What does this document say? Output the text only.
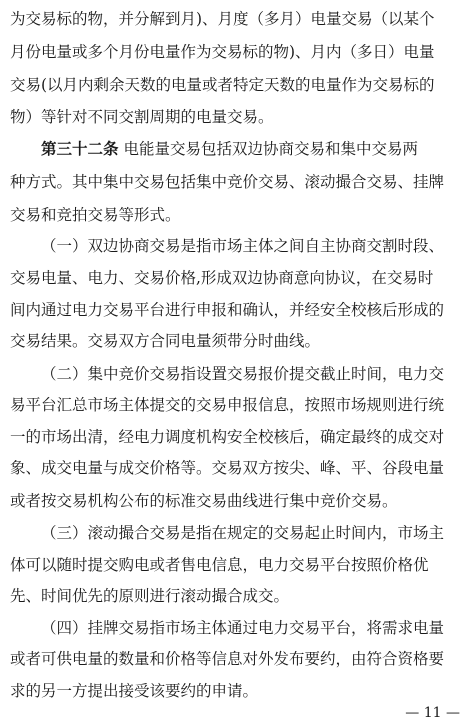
为交易标的物，并分解到月)、月度（多月）电量交易（以某个
月份电量或多个月份电量作为交易标的物)、月内（多日）电量
交易(以月内剩余天数的电量或者特定天数的电量作为交易标的
物）等针对不同交割周期的电量交易。
第三十二条 电能量交易包括双边协商交易和集中交易两
种方式。其中集中交易包括集中竞价交易、滚动撮合交易、挂牌
交易和竞拍交易等形式。
（一）双边协商交易是指市场主体之间自主协商交割时段、
交易电量、电力、交易价格,形成双边协商意向协议，在交易时
间内通过电力交易平台进行申报和确认，并经安全校核后形成的
交易结果。交易双方合同电量须带分时曲线。
（二）集中竞价交易指设置交易报价提交截止时间，电力交
易平台汇总市场主体提交的交易申报信息，按照市场规则进行统
一的市场出清，经电力调度机构安全校核后，确定最终的成交对
象、成交电量与成交价格等。交易双方按尖、峰、平、谷段电量
或者按交易机构公布的标准交易曲线进行集中竞价交易。
（三）滚动撮合交易是指在规定的交易起止时间内，市场主
体可以随时提交购电或者售电信息，电力交易平台按照价格优
先、时间优先的原则进行滚动撮合成交。
（四）挂牌交易指市场主体通过电力交易平台，将需求电量
或者可供电量的数量和价格等信息对外发布要约，由符合资格要
求的另一方提出接受该要约的申请。
— 11 —
